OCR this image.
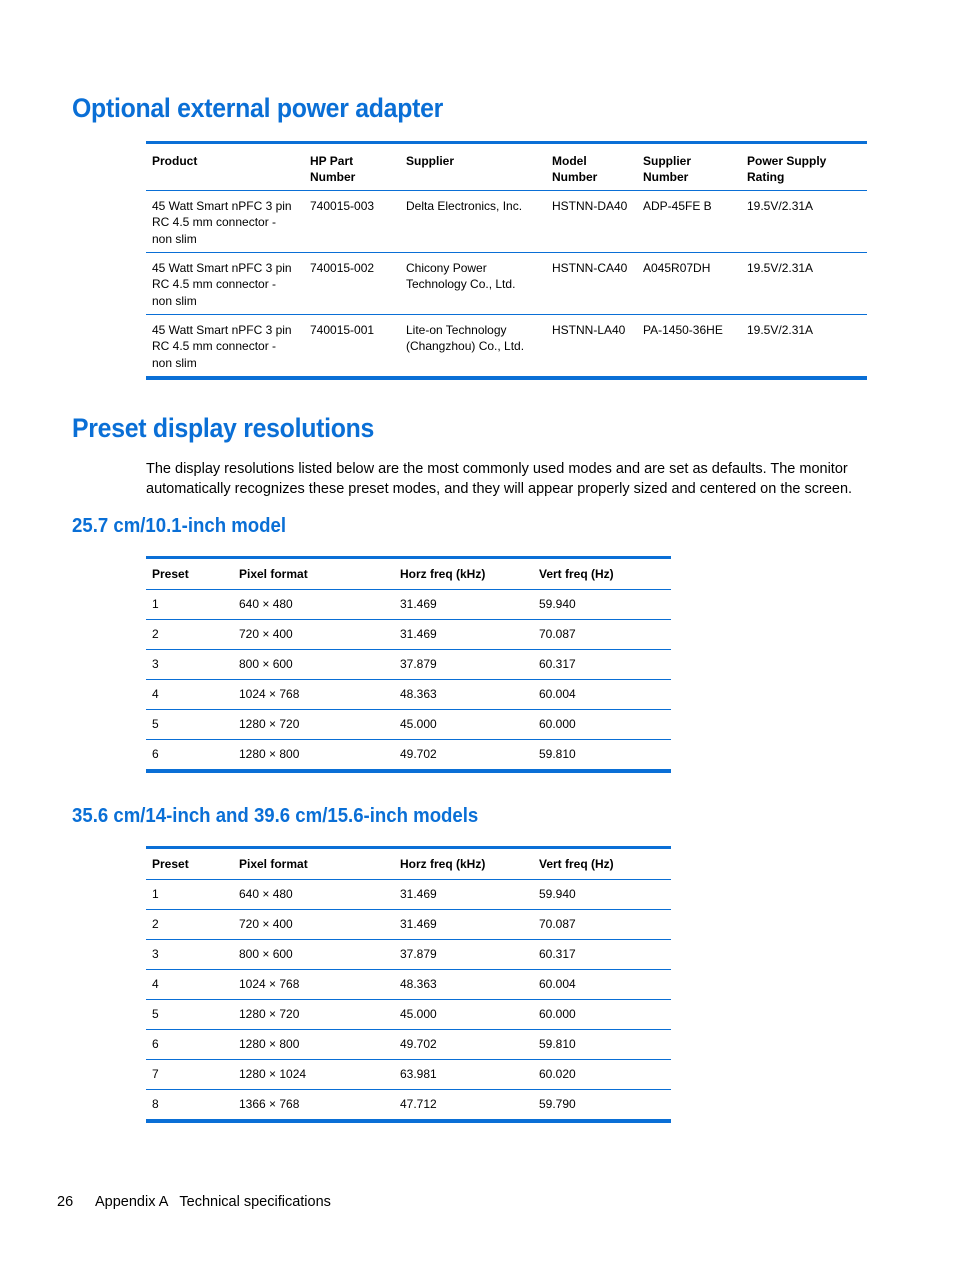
Optional external power adapter
Product	HP Part Number	Supplier	Model Number	Supplier Number	Power Supply Rating
45 Watt Smart nPFC 3 pin RC 4.5 mm connector - non slim	740015-003	Delta Electronics, Inc.	HSTNN-DA40	ADP-45FE B	19.5V/2.31A
45 Watt Smart nPFC 3 pin RC 4.5 mm connector - non slim	740015-002	Chicony Power Technology Co., Ltd.	HSTNN-CA40	A045R07DH	19.5V/2.31A
45 Watt Smart nPFC 3 pin RC 4.5 mm connector - non slim	740015-001	Lite-on Technology (Changzhou) Co., Ltd.	HSTNN-LA40	PA-1450-36HE	19.5V/2.31A
Preset display resolutions

The display resolutions listed below are the most commonly used modes and are set as defaults. The monitor automatically recognizes these preset modes, and they will appear properly sized and centered on the screen.

25.7 cm/10.1-inch model
Preset	Pixel format	Horz freq (kHz)	Vert freq (Hz)
1	640 × 480	31.469	59.940
2	720 × 400	31.469	70.087
3	800 × 600	37.879	60.317
4	1024 × 768	48.363	60.004
5	1280 × 720	45.000	60.000
6	1280 × 800	49.702	59.810
35.6 cm/14-inch and 39.6 cm/15.6-inch models
Preset	Pixel format	Horz freq (kHz)	Vert freq (Hz)
1	640 × 480	31.469	59.940
2	720 × 400	31.469	70.087
3	800 × 600	37.879	60.317
4	1024 × 768	48.363	60.004
5	1280 × 720	45.000	60.000
6	1280 × 800	49.702	59.810
7	1280 × 1024	63.981	60.020
8	1366 × 768	47.712	59.790
26 Appendix A   Technical specifications
